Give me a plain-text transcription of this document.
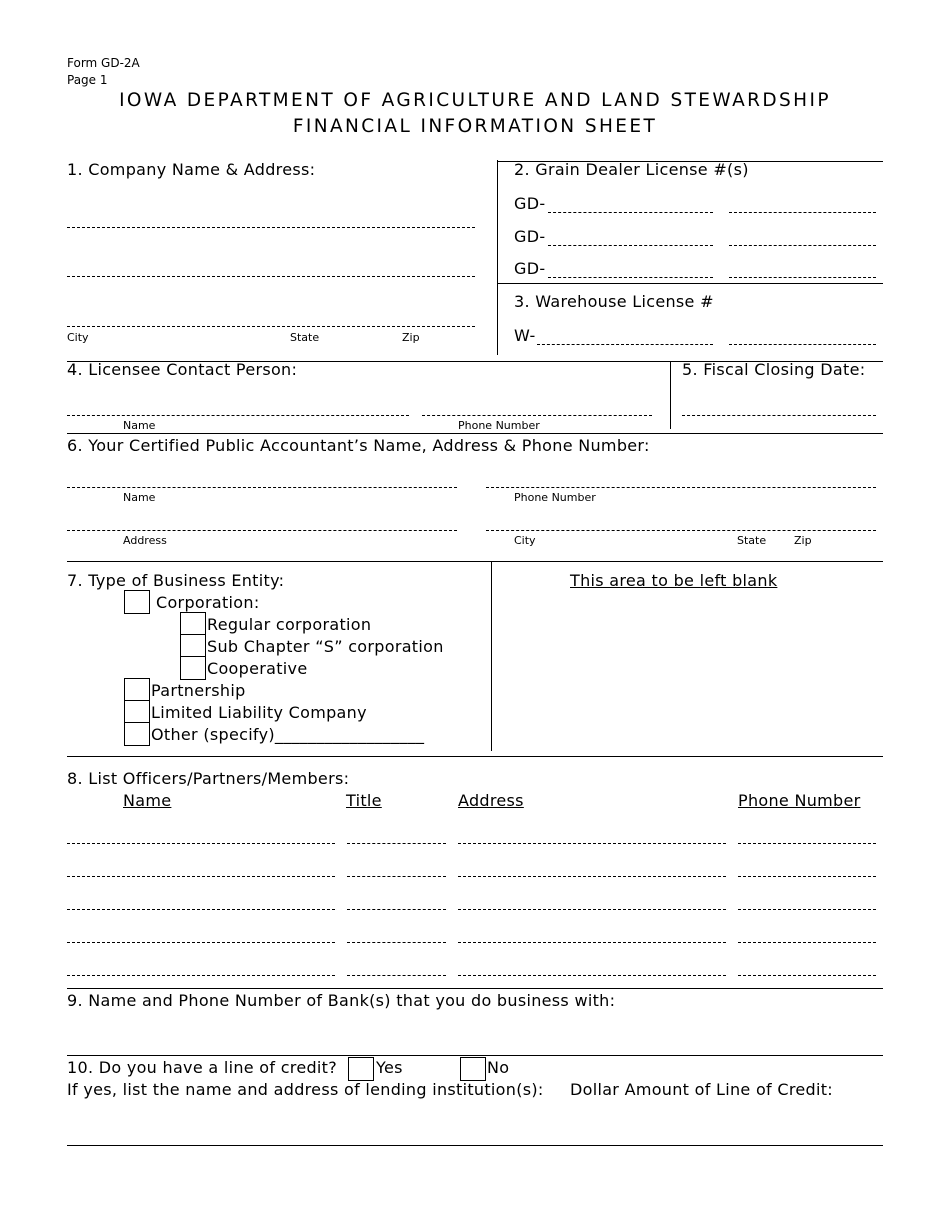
Form GD-2A
Page 1
IOWA DEPARTMENT OF AGRICULTURE AND LAND STEWARDSHIP
FINANCIAL INFORMATION SHEET
1. Company Name & Address:
City	State	Zip
2. Grain Dealer License #(s)
GD-
GD-
GD-
3. Warehouse License #
W-
4. Licensee Contact Person:
Name	Phone Number
5. Fiscal Closing Date:
6. Your Certified Public Accountant’s Name, Address & Phone Number:
Name	Phone Number
Address	City	State	Zip
7. Type of Business Entity:
Corporation:
Regular corporation
Sub Chapter “S” corporation
Cooperative
Partnership
Limited Liability Company
Other (specify)__________________
This area to be left blank
8. List Officers/Partners/Members:
Name	Title	Address	Phone Number
9. Name and Phone Number of Bank(s) that you do business with:
10. Do you have a line of credit? Yes	No
If yes, list the name and address of lending institution(s): Dollar Amount of Line of Credit:
